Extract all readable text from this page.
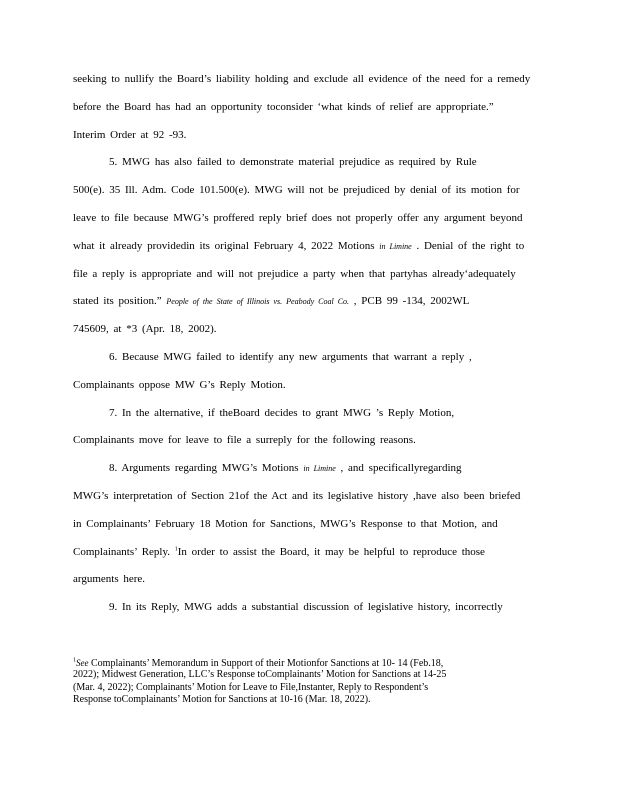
seeking to nullify the Board’s liability holding and exclude all evidence of the need for a remedy
before the Board has had an opportunity toconsider ‘what kinds of relief are appropriate.”
Interim Order at 92 -93.
5. MWG has also failed to demonstrate material prejudice as required by Rule
500(e). 35 Ill. Adm. Code 101.500(e). MWG will not be prejudiced by denial of its motion for
leave to file because MWG’s proffered reply brief does not properly offer any argument beyond
what it already providedin its original February 4, 2022 Motions in Limine . Denial of the right to
file a reply is appropriate and will not prejudice a party when that partyhas already‘adequately
stated its position.” People of the State of Illinois vs. Peabody Coal Co. , PCB 99 -134, 2002WL
745609, at *3 (Apr. 18, 2002).
6. Because MWG failed to identify any new arguments that warrant a reply ,
Complainants oppose MW G’s Reply Motion.
7. In the alternative, if theBoard decides to grant MWG ’s Reply Motion,
Complainants move for leave to file a surreply for the following reasons.
8. Arguments regarding MWG’s Motions in Limine , and specificallyregarding
MWG’s interpretation of Section 21of the Act and its legislative history ,have also been briefed
in Complainants’ February 18 Motion for Sanctions, MWG’s Response to that Motion, and
Complainants’ Reply. $^1$In order to assist the Board, it may be helpful to reproduce those
arguments here.
9. In its Reply, MWG adds a substantial discussion of legislative history, incorrectly
$^1$See Complainants’ Memorandum in Support of their Motionfor Sanctions at 10- 14 (Feb.18,
2022); Midwest Generation, LLC’s Response toComplainants’ Motion for Sanctions at 14-25
(Mar. 4, 2022); Complainants’ Motion for Leave to File,Instanter, Reply to Respondent’s
Response toComplainants’ Motion for Sanctions at 10-16 (Mar. 18, 2022).
